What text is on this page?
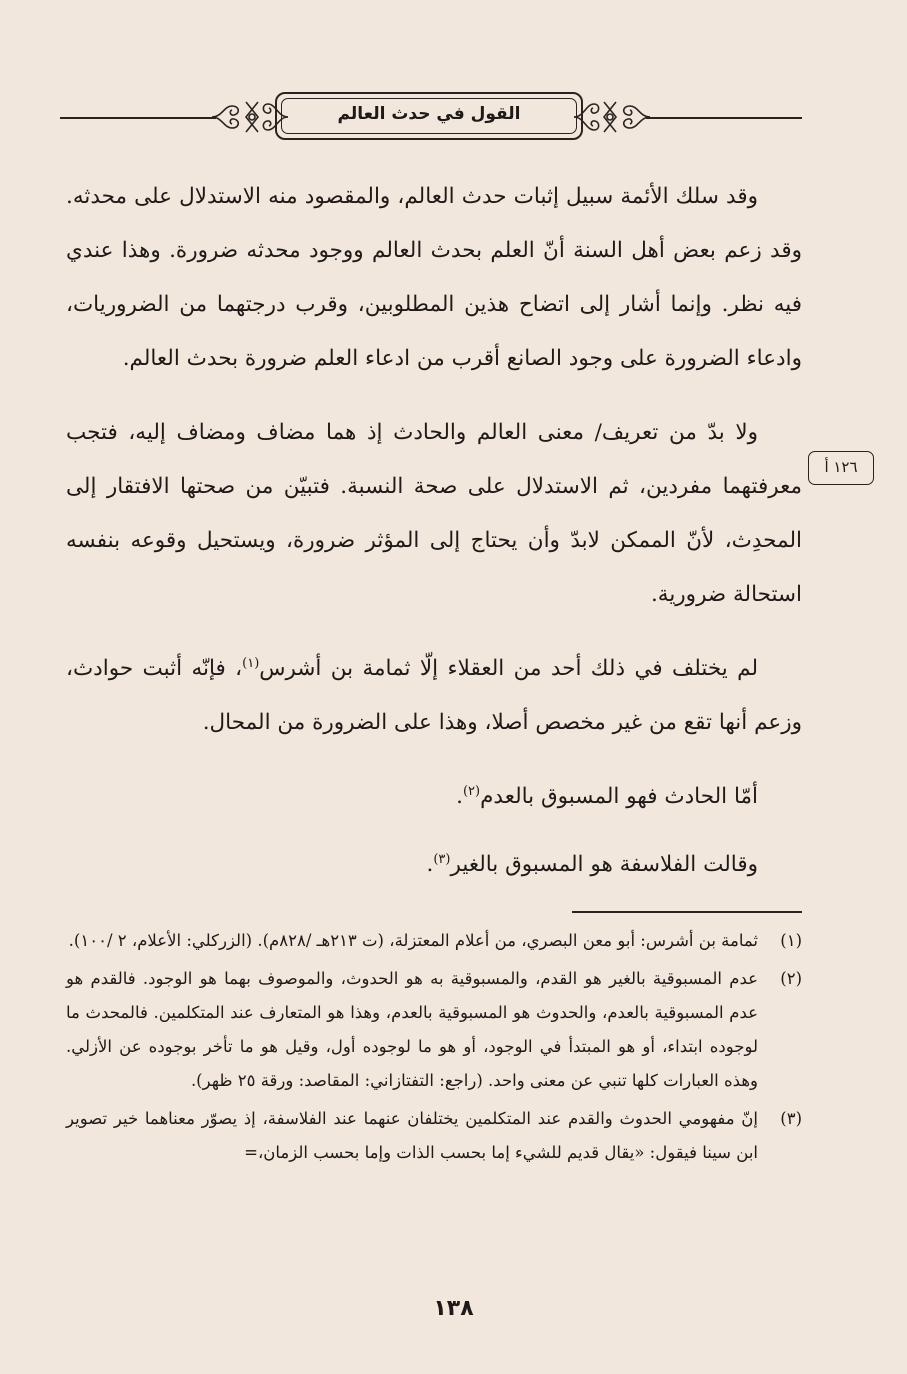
القول في حدث العالم

وقد سلك الأئمة سبيل إثبات حدث العالم، والمقصود منه الاستدلال على محدثه. وقد زعم بعض أهل السنة أنّ العلم بحدث العالم ووجود محدثه ضرورة. وهذا عندي فيه نظر. وإنما أشار إلى اتضاح هذين المطلوبين، وقرب درجتهما من الضروريات، وادعاء الضرورة على وجود الصانع أقرب من ادعاء العلم ضرورة بحدث العالم.

ولا بدّ من تعريف/ معنى العالم والحادث إذ هما مضاف ومضاف إليه، فتجب معرفتهما مفردين، ثم الاستدلال على صحة النسبة. فتبيّن من صحتها الافتقار إلى المحدِث، لأنّ الممكن لابدّ وأن يحتاج إلى المؤثر ضرورة، ويستحيل وقوعه بنفسه استحالة ضرورية.

لم يختلف في ذلك أحد من العقلاء إلّا ثمامة بن أشرس$^{(١)}$، فإنّه أثبت حوادث، وزعم أنها تقع من غير مخصص أصلا، وهذا على الضرورة من المحال.

أمّا الحادث فهو المسبوق بالعدم$^{(٢)}$.

وقالت الفلاسفة هو المسبوق بالغير$^{(٣)}$.

١٢٦ أ
(١)
ثمامة بن أشرس: أبو معن البصري، من أعلام المعتزلة، (ت ٢١٣هـ /٨٢٨م). (الزركلي: الأعلام، ٢ /١٠٠).
(٢)
عدم المسبوقية بالغير هو القدم، والمسبوقية به هو الحدوث، والموصوف بهما هو الوجود. فالقدم هو عدم المسبوقية بالعدم، والحدوث هو المسبوقية بالعدم، وهذا هو المتعارف عند المتكلمين. فالمحدث ما لوجوده ابتداء، أو هو المبتدأ في الوجود، أو هو ما لوجوده أول، وقيل هو ما تأخر بوجوده عن الأزلي. وهذه العبارات كلها تنبي عن معنى واحد. (راجع: التفتازاني: المقاصد: ورقة ٢٥ ظهر).
(٣)
إنّ مفهومي الحدوث والقدم عند المتكلمين يختلفان عنهما عند الفلاسفة، إذ يصوّر معناهما خير تصوير ابن سينا فيقول: «يقال قديم للشيء إما بحسب الذات وإما بحسب الزمان،=
١٣٨
